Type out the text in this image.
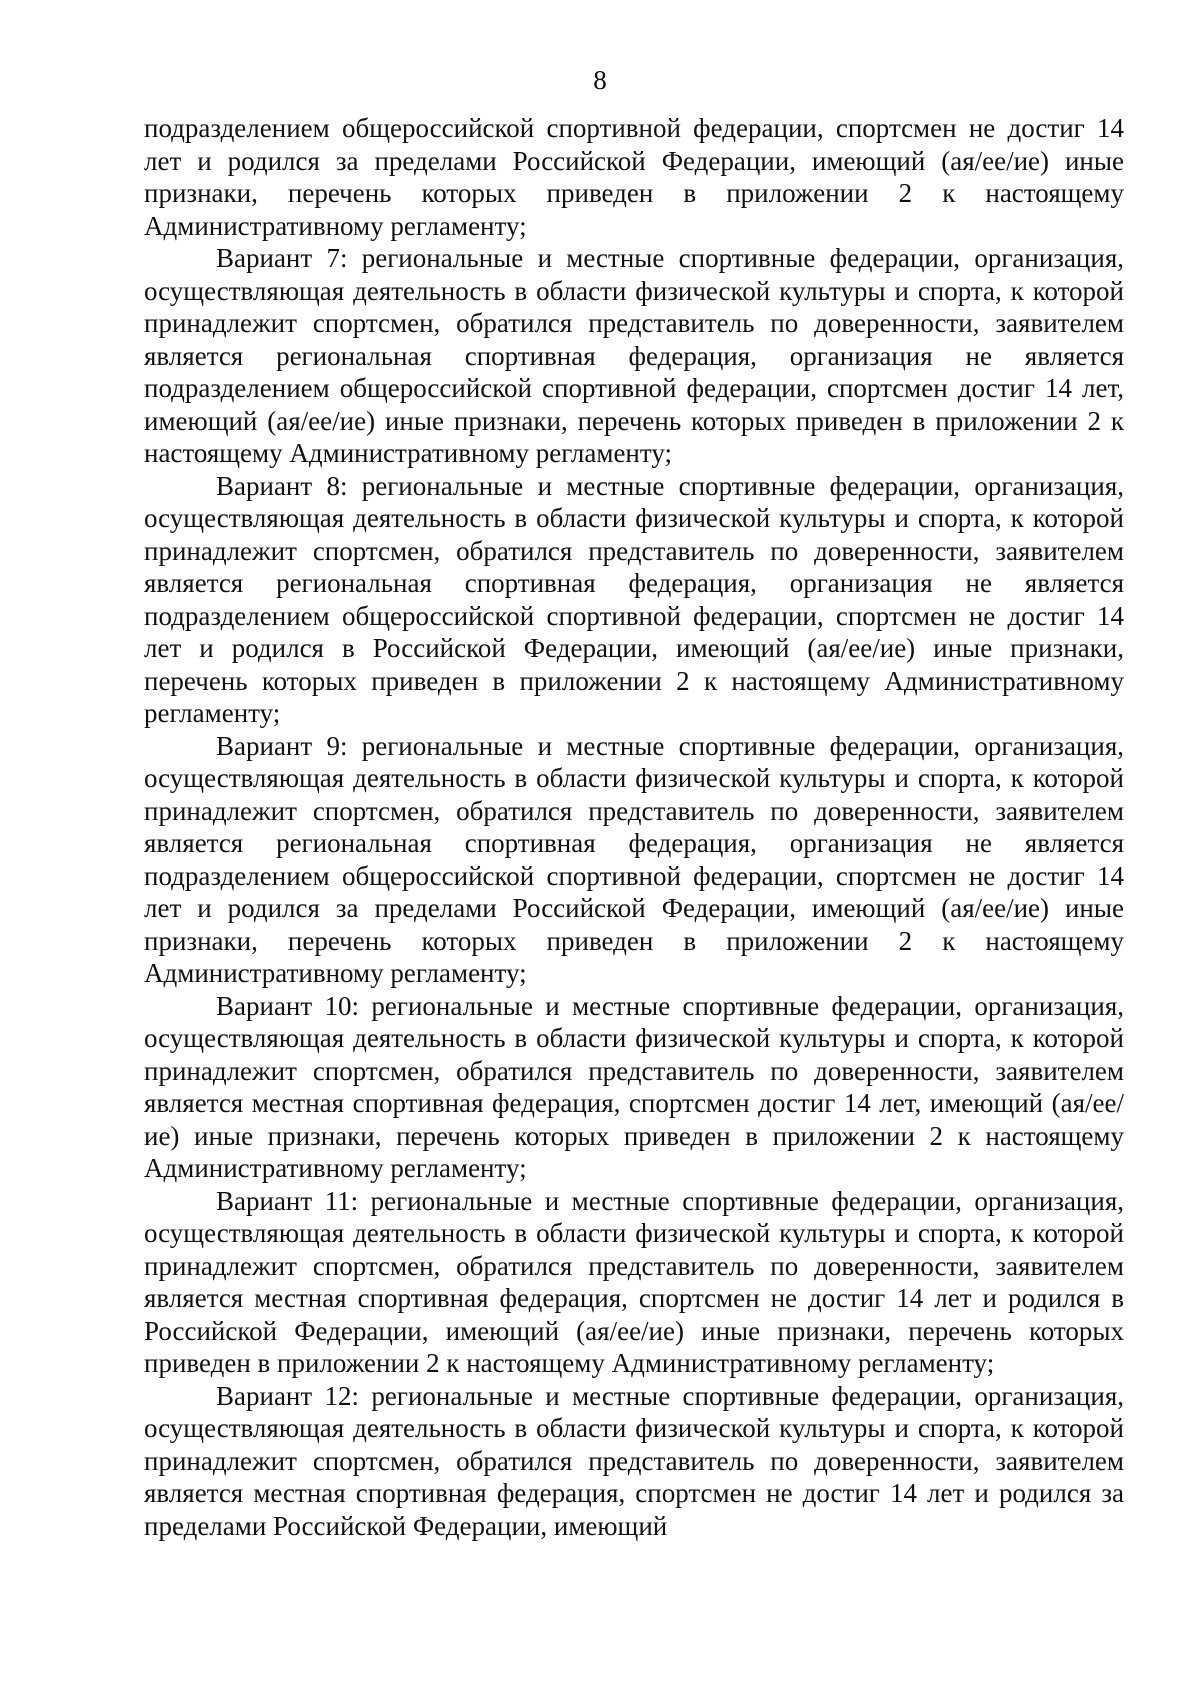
8

подразделением общероссийской спортивной федерации, спортсмен не достиг 14 лет и родился за пределами Российской Федерации, имеющий (ая/ее/ие) иные признаки, перечень которых приведен в приложении 2 к настоящему Административному регламенту;

Вариант 7: региональные и местные спортивные федерации, организация, осуществляющая деятельность в области физической культуры и спорта, к которой принадлежит спортсмен, обратился представитель по доверенности, заявителем является региональная спортивная федерация, организация не является подразделением общероссийской спортивной федерации, спортсмен достиг 14 лет, имеющий (ая/ее/ие) иные признаки, перечень которых приведен в приложении 2 к настоящему Административному регламенту;

Вариант 8: региональные и местные спортивные федерации, организация, осуществляющая деятельность в области физической культуры и спорта, к которой принадлежит спортсмен, обратился представитель по доверенности, заявителем является региональная спортивная федерация, организация не является подразделением общероссийской спортивной федерации, спортсмен не достиг 14 лет и родился в Российской Федерации, имеющий (ая/ее/ие) иные признаки, перечень которых приведен в приложении 2 к настоящему Административному регламенту;

Вариант 9: региональные и местные спортивные федерации, организация, осуществляющая деятельность в области физической культуры и спорта, к которой принадлежит спортсмен, обратился представитель по доверенности, заявителем является региональная спортивная федерация, организация не является подразделением общероссийской спортивной федерации, спортсмен не достиг 14 лет и родился за пределами Российской Федерации, имеющий (ая/ее/ие) иные признаки, перечень которых приведен в приложении 2 к настоящему Административному регламенту;

Вариант 10: региональные и местные спортивные федерации, организация, осуществляющая деятельность в области физической культуры и спорта, к которой принадлежит спортсмен, обратился представитель по доверенности, заявителем является местная спортивная федерация, спортсмен достиг 14 лет, имеющий (ая/ее/ие) иные признаки, перечень которых приведен в приложении 2 к настоящему Административному регламенту;

Вариант 11: региональные и местные спортивные федерации, организация, осуществляющая деятельность в области физической культуры и спорта, к которой принадлежит спортсмен, обратился представитель по доверенности, заявителем является местная спортивная федерация, спортсмен не достиг 14 лет и родился в Российской Федерации, имеющий (ая/ее/ие) иные признаки, перечень которых приведен в приложении 2 к настоящему Административному регламенту;

Вариант 12: региональные и местные спортивные федерации, организация, осуществляющая деятельность в области физической культуры и спорта, к которой принадлежит спортсмен, обратился представитель по доверенности, заявителем является местная спортивная федерация, спортсмен не достиг 14 лет и родился за пределами Российской Федерации, имеющий
